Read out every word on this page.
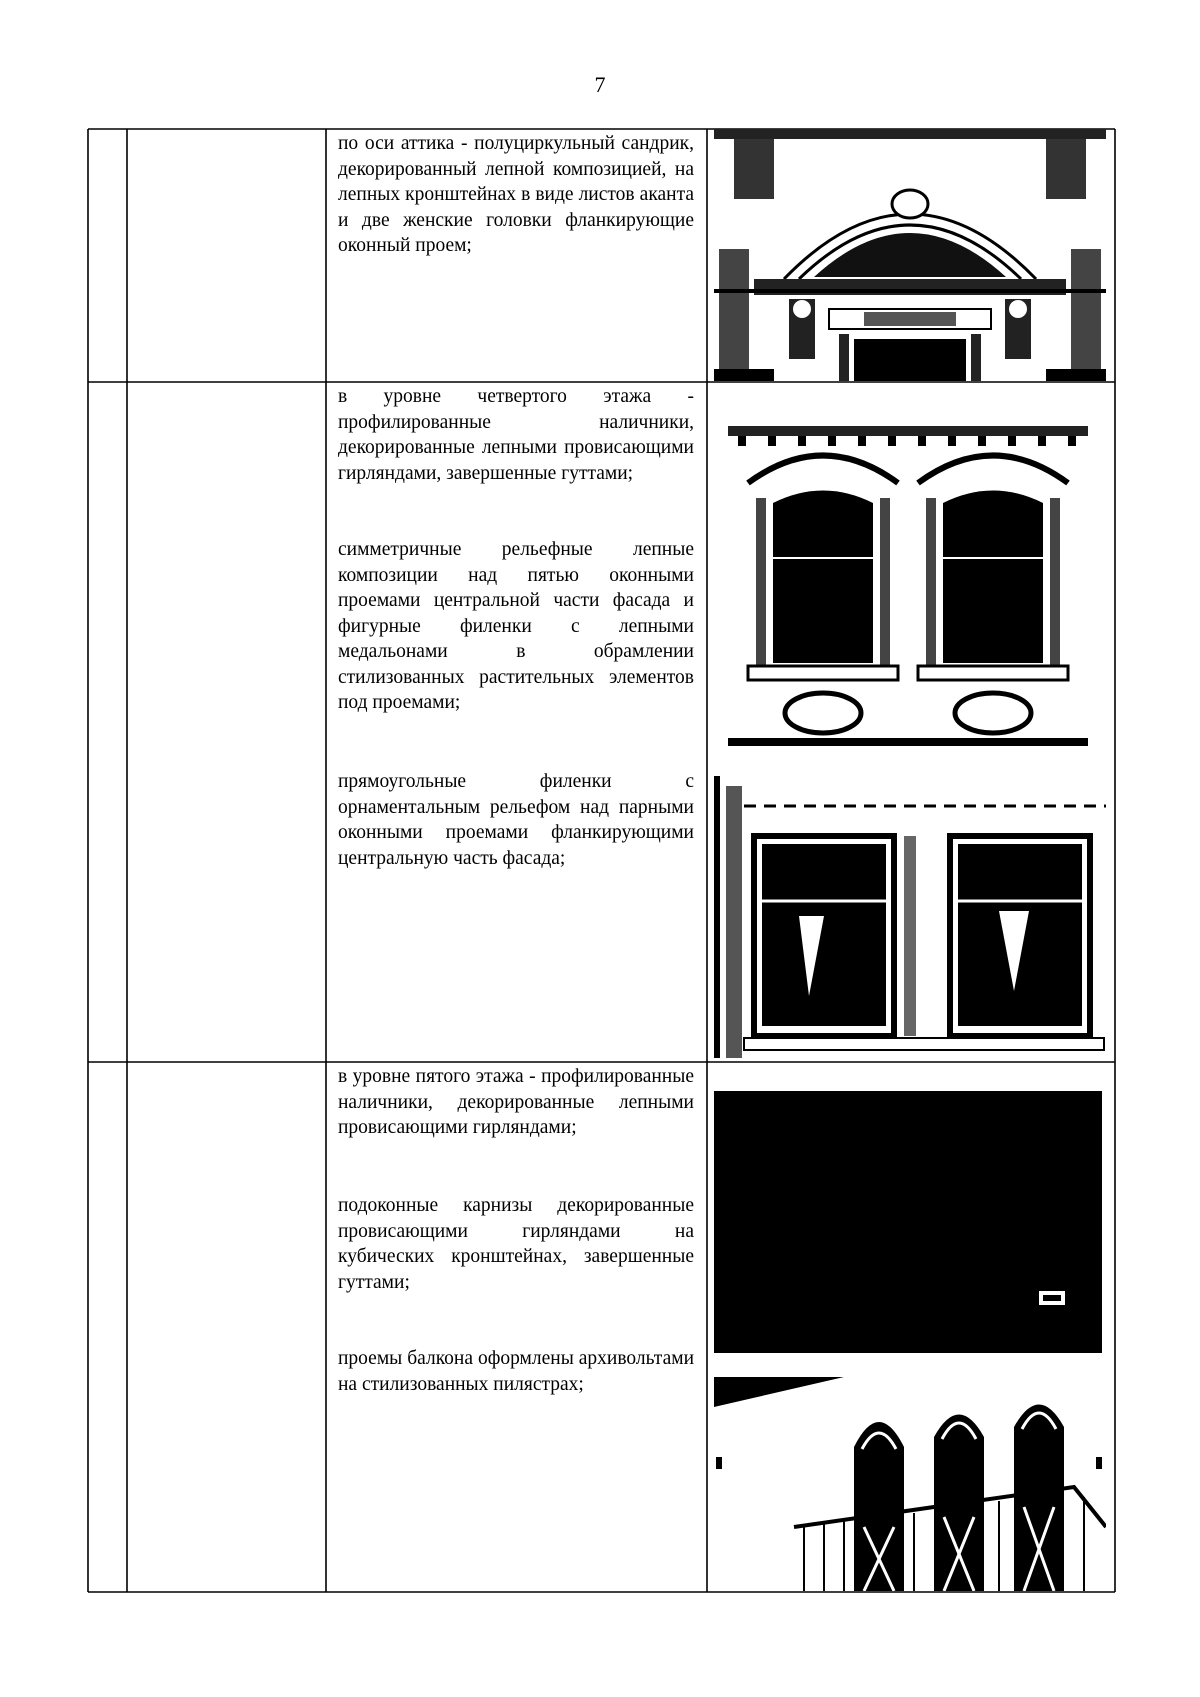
7

по оси аттика - полуциркульный сандрик, декорированный лепной композицией, на лепных кронштейнах в виде листов аканта и две женские головки фланкирующие оконный проем;

в уровне четвертого этажа - профилированные наличники, декорированные лепными провисающими гирляндами, завершенные гуттами;

симметричные рельефные лепные композиции над пятью оконными проемами центральной части фасада и фигурные филенки с лепными медальонами в обрамлении стилизованных растительных элементов под проемами;

прямоугольные филенки с орнаментальным рельефом над парными оконными проемами фланкирующими центральную часть фасада;

в уровне пятого этажа - профилированные наличники, декорированные лепными провисающими гирляндами;

подоконные карнизы декорированные провисающими гирляндами на кубических кронштейнах, завершенные гуттами;

проемы балкона оформлены архивольтами на стилизованных пилястрах;
